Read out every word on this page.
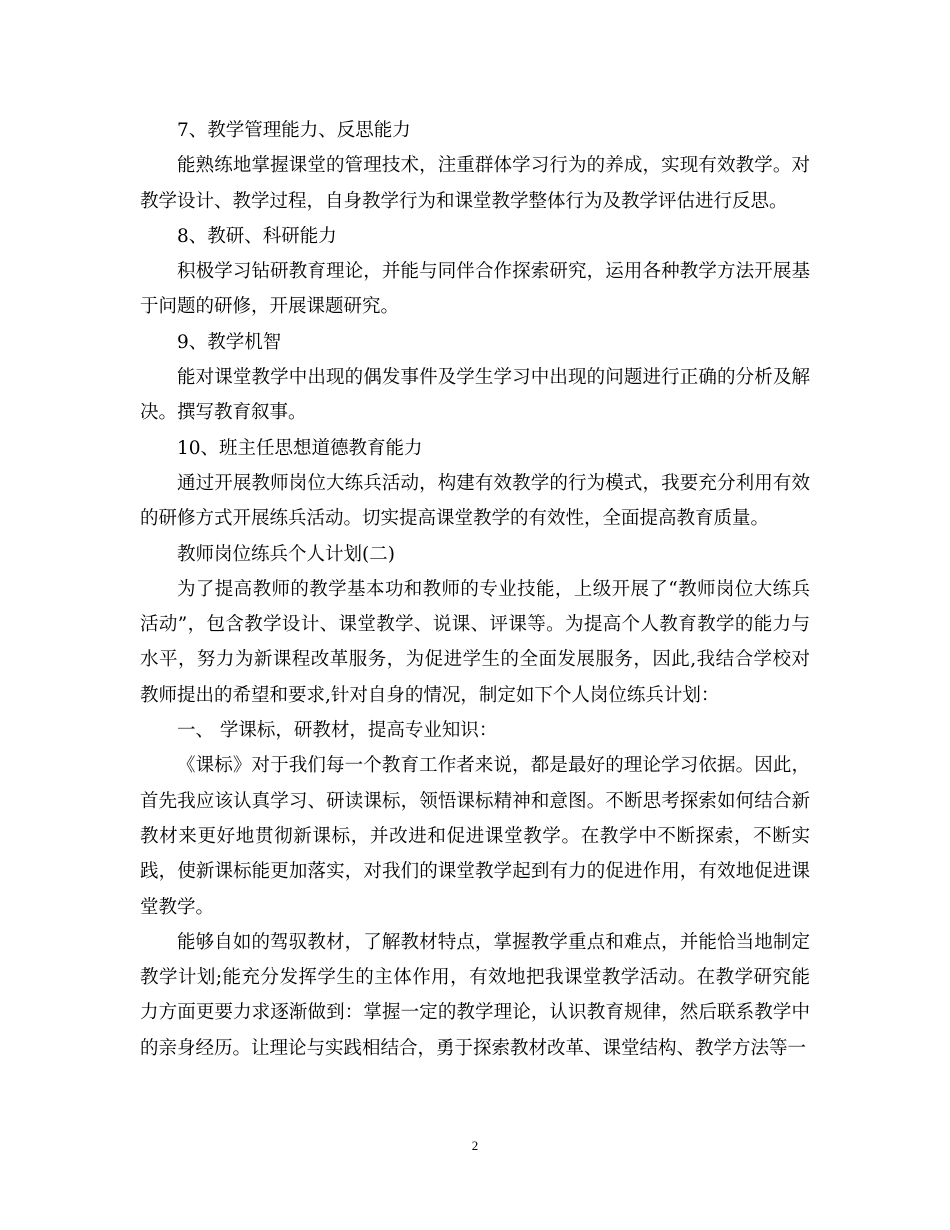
7、教学管理能力、反思能力

能熟练地掌握课堂的管理技术，注重群体学习行为的养成，实现有效教学。对教学设计、教学过程，自身教学行为和课堂教学整体行为及教学评估进行反思。

8、教研、科研能力

积极学习钻研教育理论，并能与同伴合作探索研究，运用各种教学方法开展基于问题的研修，开展课题研究。

9、教学机智

能对课堂教学中出现的偶发事件及学生学习中出现的问题进行正确的分析及解决。撰写教育叙事。

10、班主任思想道德教育能力

通过开展教师岗位大练兵活动，构建有效教学的行为模式，我要充分利用有效的研修方式开展练兵活动。切实提高课堂教学的有效性，全面提高教育质量。

教师岗位练兵个人计划(二)

为了提高教师的教学基本功和教师的专业技能，上级开展了“教师岗位大练兵活动”，包含教学设计、课堂教学、说课、评课等。为提高个人教育教学的能力与水平，努力为新课程改革服务，为促进学生的全面发展服务，因此,我结合学校对教师提出的希望和要求,针对自身的情况，制定如下个人岗位练兵计划：

一、 学课标，研教材，提高专业知识：

《课标》对于我们每一个教育工作者来说，都是最好的理论学习依据。因此，首先我应该认真学习、研读课标，领悟课标精神和意图。不断思考探索如何结合新教材来更好地贯彻新课标，并改进和促进课堂教学。在教学中不断探索，不断实践，使新课标能更加落实，对我们的课堂教学起到有力的促进作用，有效地促进课堂教学。

能够自如的驾驭教材，了解教材特点，掌握教学重点和难点，并能恰当地制定教学计划;能充分发挥学生的主体作用，有效地把我课堂教学活动。在教学研究能力方面更要力求逐渐做到：掌握一定的教学理论，认识教育规律，然后联系教学中的亲身经历。让理论与实践相结合，勇于探索教材改革、课堂结构、教学方法等一

2
